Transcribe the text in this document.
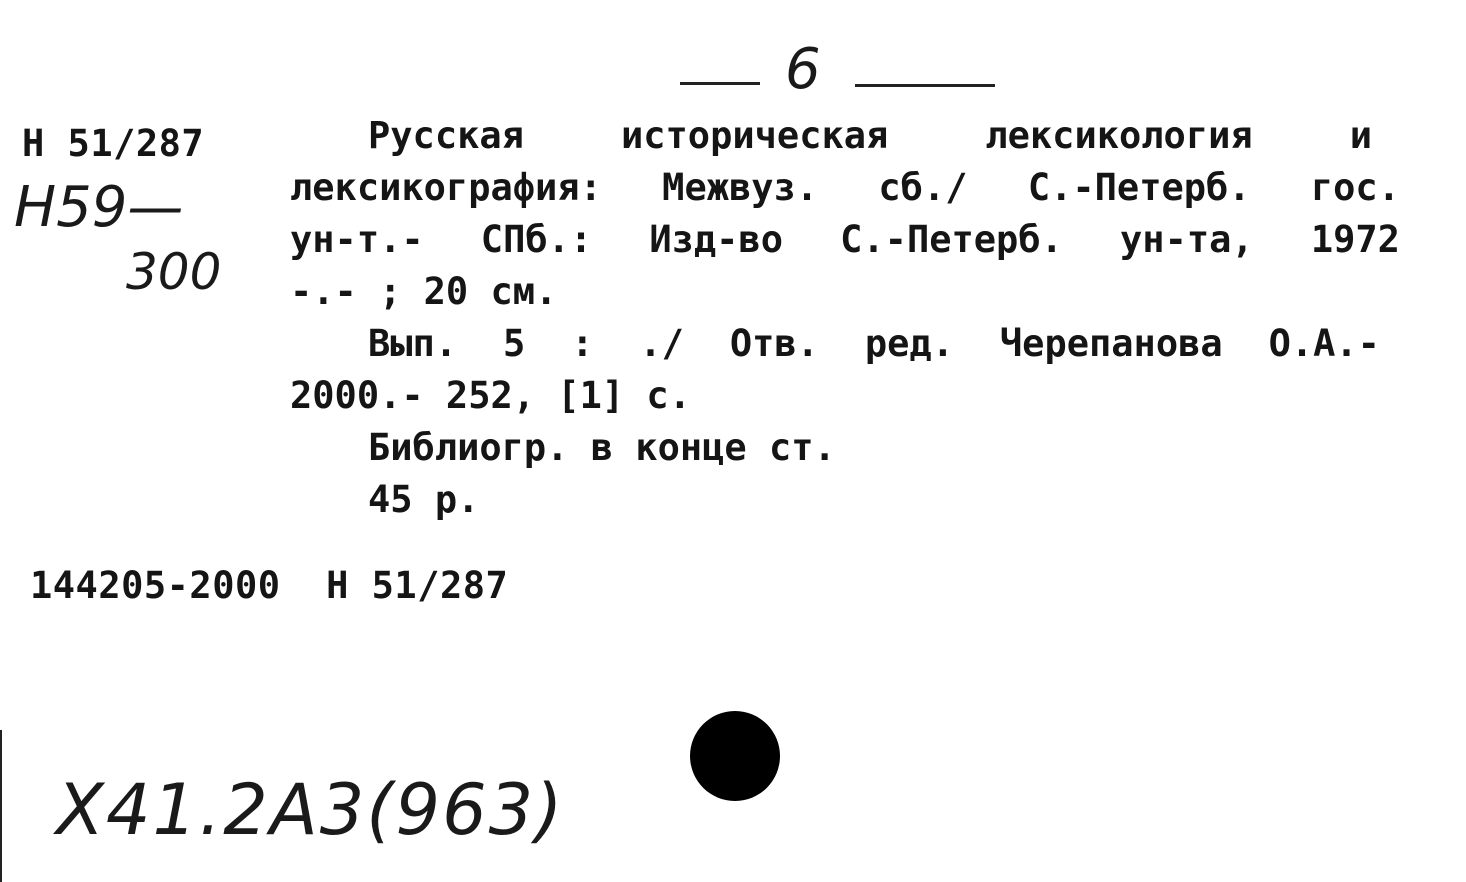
6
Н 51/287
Н59—
300
Русская	историческая	лексикология	и
лексикография: Межвуз. сб./ С.-Петерб. гос.
ун-т.- СПб.: Изд-во С.-Петерб. ун-та, 1972
-.- ; 20 см.
Вып. 5 : ./ Отв. ред. Черепанова О.А.-
2000.- 252, [1] с.
Библиогр. в конце ст.
45 р.
144205-2000  Н 51/287
Х41.2А3(963)
